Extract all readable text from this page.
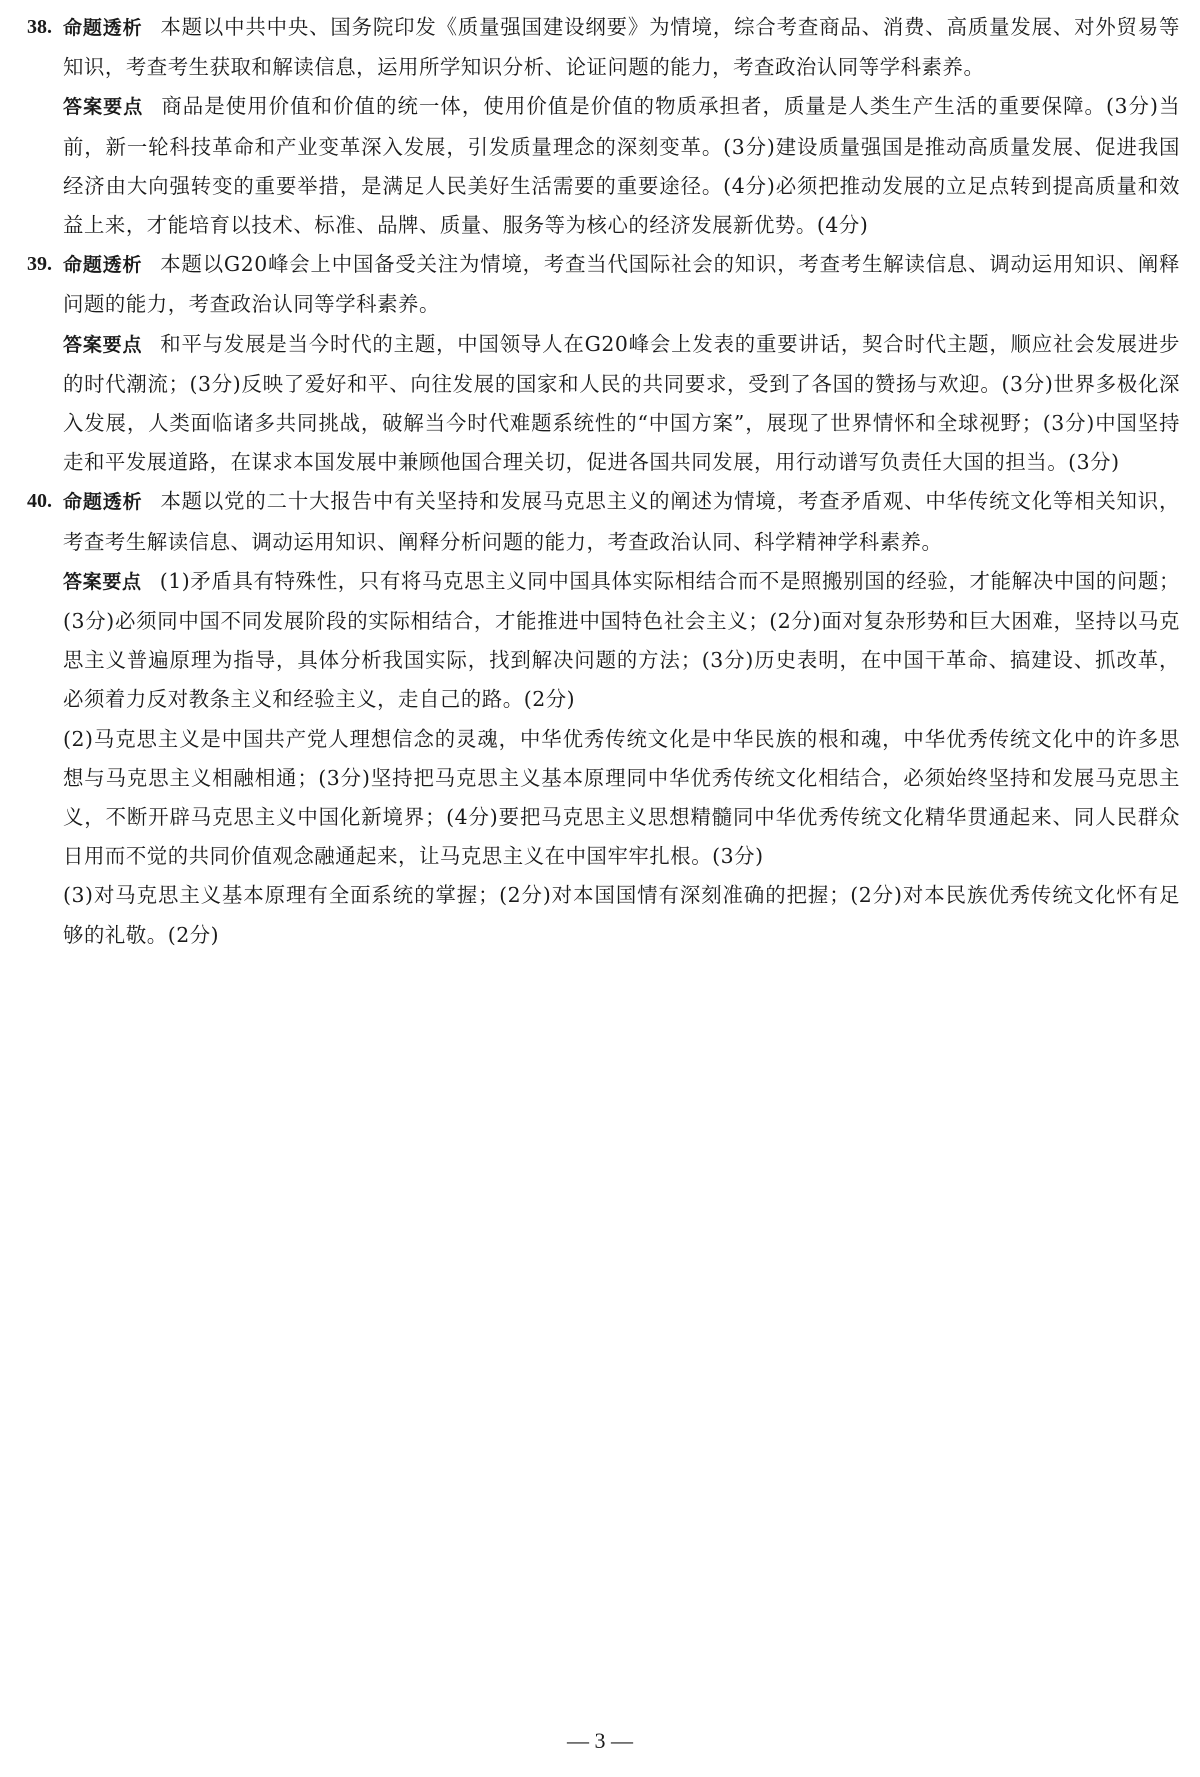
38. 命题透析 本题以中共中央、国务院印发《质量强国建设纲要》为情境，综合考查商品、消费、高质量发展、对外贸易等知识，考查考生获取和解读信息，运用所学知识分析、论证问题的能力，考查政治认同等学科素养。

答案要点 商品是使用价值和价值的统一体，使用价值是价值的物质承担者，质量是人类生产生活的重要保障。(3分)当前，新一轮科技革命和产业变革深入发展，引发质量理念的深刻变革。(3分)建设质量强国是推动高质量发展、促进我国经济由大向强转变的重要举措，是满足人民美好生活需要的重要途径。(4分)必须把推动发展的立足点转到提高质量和效益上来，才能培育以技术、标准、品牌、质量、服务等为核心的经济发展新优势。(4分)

39. 命题透析 本题以G20峰会上中国备受关注为情境，考查当代国际社会的知识，考查考生解读信息、调动运用知识、阐释问题的能力，考查政治认同等学科素养。

答案要点 和平与发展是当今时代的主题，中国领导人在G20峰会上发表的重要讲话，契合时代主题，顺应社会发展进步的时代潮流；(3分)反映了爱好和平、向往发展的国家和人民的共同要求，受到了各国的赞扬与欢迎。(3分)世界多极化深入发展，人类面临诸多共同挑战，破解当今时代难题系统性的“中国方案”，展现了世界情怀和全球视野；(3分)中国坚持走和平发展道路，在谋求本国发展中兼顾他国合理关切，促进各国共同发展，用行动谱写负责任大国的担当。(3分)

40. 命题透析 本题以党的二十大报告中有关坚持和发展马克思主义的阐述为情境，考查矛盾观、中华传统文化等相关知识，考查考生解读信息、调动运用知识、阐释分析问题的能力，考查政治认同、科学精神学科素养。

答案要点 (1)矛盾具有特殊性，只有将马克思主义同中国具体实际相结合而不是照搬别国的经验，才能解决中国的问题；(3分)必须同中国不同发展阶段的实际相结合，才能推进中国特色社会主义；(2分)面对复杂形势和巨大困难，坚持以马克思主义普遍原理为指导，具体分析我国实际，找到解决问题的方法；(3分)历史表明，在中国干革命、搞建设、抓改革，必须着力反对教条主义和经验主义，走自己的路。(2分)

(2)马克思主义是中国共产党人理想信念的灵魂，中华优秀传统文化是中华民族的根和魂，中华优秀传统文化中的许多思想与马克思主义相融相通；(3分)坚持把马克思主义基本原理同中华优秀传统文化相结合，必须始终坚持和发展马克思主义，不断开辟马克思主义中国化新境界；(4分)要把马克思主义思想精髓同中华优秀传统文化精华贯通起来、同人民群众日用而不觉的共同价值观念融通起来，让马克思主义在中国牢牢扎根。(3分)

(3)对马克思主义基本原理有全面系统的掌握；(2分)对本国国情有深刻准确的把握；(2分)对本民族优秀传统文化怀有足够的礼敬。(2分)

— 3 —
